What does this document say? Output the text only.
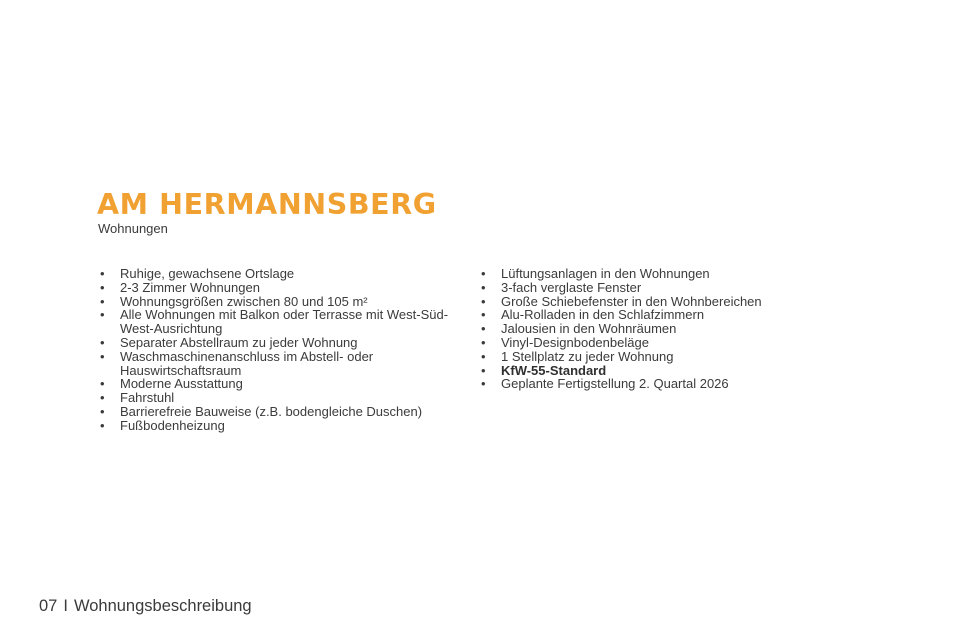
AM HERMANNSBERG
Wohnungen
• Ruhige, gewachsene Ortslage
• 2-3 Zimmer Wohnungen
• Wohnungsgrößen zwischen 80 und 105 m²
• Alle Wohnungen mit Balkon oder Terrasse mit West-Süd-West-Ausrichtung
• Separater Abstellraum zu jeder Wohnung
• Waschmaschinenanschluss im Abstell- oder Hauswirtschaftsraum
• Moderne Ausstattung
• Fahrstuhl
• Barrierefreie Bauweise (z.B. bodengleiche Duschen)
• Fußbodenheizung
• Lüftungsanlagen in den Wohnungen
• 3-fach verglaste Fenster
• Große Schiebefenster in den Wohnbereichen
• Alu-Rolladen in den Schlafzimmern
• Jalousien in den Wohnräumen
• Vinyl-Designbodenbeläge
• 1 Stellplatz zu jeder Wohnung
• KfW-55-Standard
• Geplante Fertigstellung 2. Quartal 2026
07 I Wohnungsbeschreibung
